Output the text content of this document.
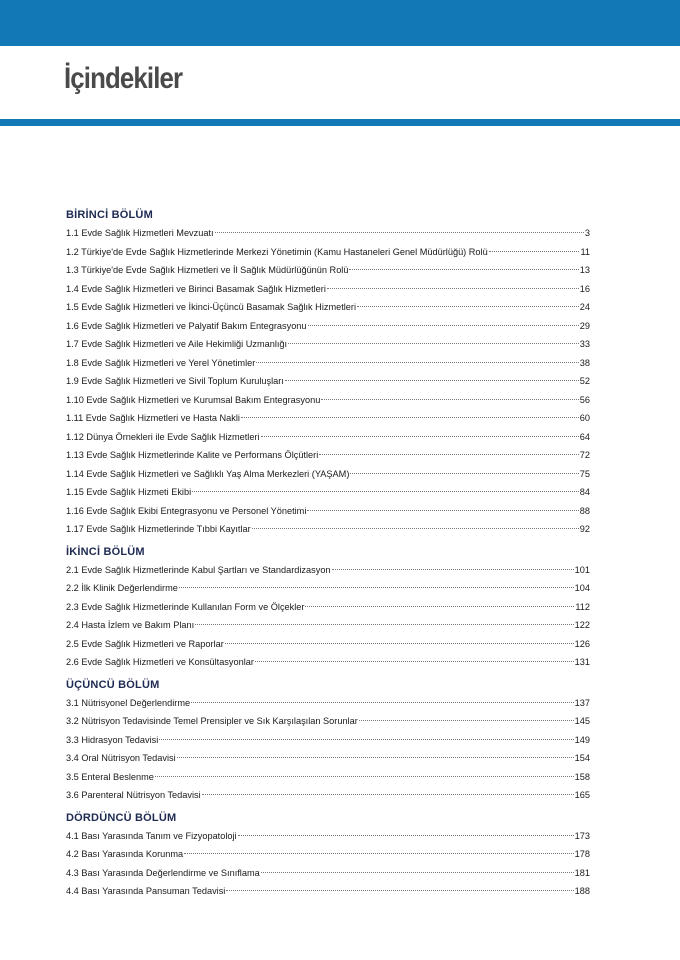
İçindekiler
BİRİNCİ BÖLÜM
1.1 Evde Sağlık Hizmetleri Mevzuatı	3
1.2 Türkiye'de Evde Sağlık Hizmetlerinde Merkezi Yönetimin (Kamu Hastaneleri Genel Müdürlüğü) Rolü	11
1.3 Türkiye'de Evde Sağlık Hizmetleri ve İl Sağlık Müdürlüğünün Rolü	13
1.4 Evde Sağlık Hizmetleri ve Birinci Basamak Sağlık Hizmetleri	16
1.5 Evde Sağlık Hizmetleri ve İkinci-Üçüncü Basamak Sağlık Hizmetleri	24
1.6 Evde Sağlık Hizmetleri ve Palyatif Bakım Entegrasyonu	29
1.7 Evde Sağlık Hizmetleri ve Aile Hekimliği Uzmanlığı	33
1.8 Evde Sağlık Hizmetleri ve Yerel Yönetimler	38
1.9 Evde Sağlık Hizmetleri ve Sivil Toplum Kuruluşları	52
1.10 Evde Sağlık Hizmetleri ve Kurumsal Bakım Entegrasyonu	56
1.11 Evde Sağlık Hizmetleri ve Hasta Nakli	60
1.12 Dünya Örnekleri ile Evde Sağlık Hizmetleri	64
1.13 Evde Sağlık Hizmetlerinde Kalite ve Performans Ölçütleri	72
1.14 Evde Sağlık Hizmetleri ve Sağlıklı Yaş Alma Merkezleri (YAŞAM)	75
1.15 Evde Sağlık Hizmeti Ekibi	84
1.16 Evde Sağlık Ekibi Entegrasyonu ve Personel Yönetimi	88
1.17 Evde Sağlık Hizmetlerinde Tıbbi Kayıtlar	92
İKİNCİ BÖLÜM
2.1 Evde Sağlık Hizmetlerinde Kabul Şartları ve Standardizasyon	101
2.2 İlk Klinik Değerlendirme	104
2.3 Evde Sağlık Hizmetlerinde Kullanılan Form ve Ölçekler	112
2.4 Hasta İzlem ve Bakım Planı	122
2.5 Evde Sağlık Hizmetleri ve Raporlar	126
2.6 Evde Sağlık Hizmetleri ve Konsültasyonlar	131
ÜÇÜNCÜ BÖLÜM
3.1 Nütrisyonel Değerlendirme	137
3.2 Nütrisyon Tedavisinde Temel Prensipler ve Sık Karşılaşılan Sorunlar	145
3.3 Hidrasyon Tedavisi	149
3.4 Oral Nütrisyon Tedavisi	154
3.5 Enteral Beslenme	158
3.6 Parenteral Nütrisyon Tedavisi	165
DÖRDÜNCÜ BÖLÜM
4.1 Bası Yarasında Tanım ve Fizyopatoloji	173
4.2 Bası Yarasında Korunma	178
4.3 Bası Yarasında Değerlendirme ve Sınıflama	181
4.4 Bası Yarasında Pansuman Tedavisi	188
